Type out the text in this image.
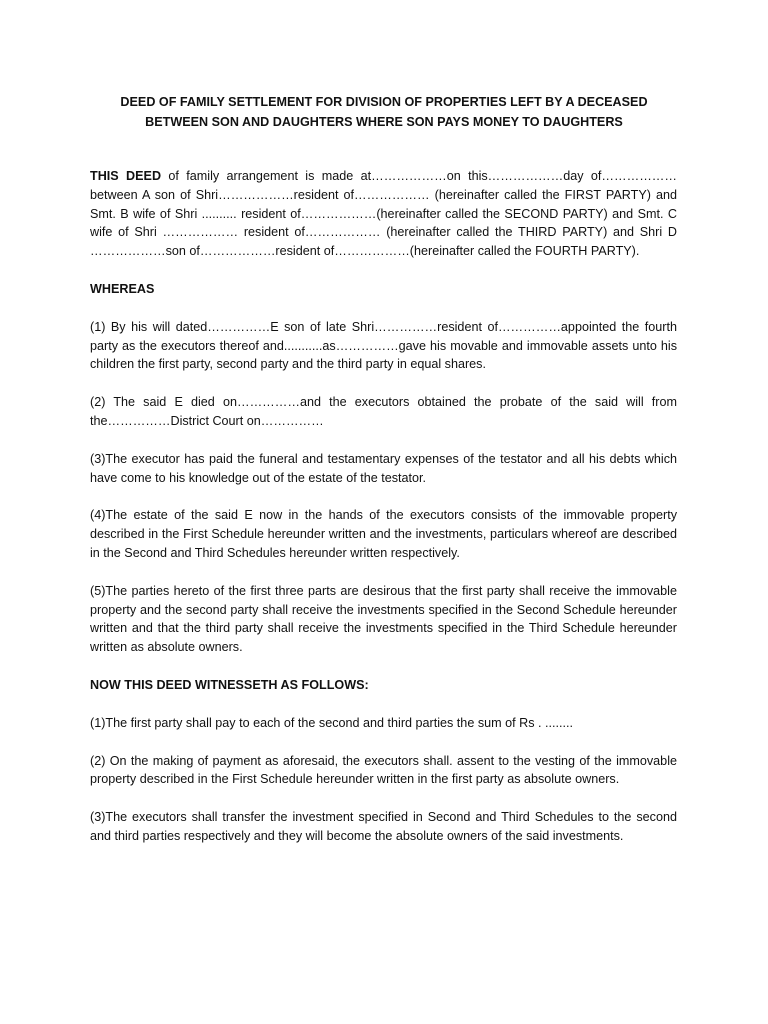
DEED OF FAMILY SETTLEMENT FOR DIVISION OF PROPERTIES LEFT BY A DECEASED
BETWEEN SON AND DAUGHTERS WHERE SON PAYS MONEY TO DAUGHTERS

THIS DEED of family arrangement is made at………………on this………………day of………………between A son of Shri………………resident of……………… (hereinafter called the FIRST PARTY) and Smt. B wife of Shri .......... resident of………………(hereinafter called the SECOND PARTY) and Smt. C wife of Shri ……………… resident of……………… (hereinafter called the THIRD PARTY) and Shri D ………………son of………………resident of………………(hereinafter called the FOURTH PARTY).

WHEREAS

(1) By his will dated……………E son of late Shri……………resident of……………appointed the fourth party as the executors thereof and...........as……………gave his movable and immovable assets unto his children the first party, second party and the third party in equal shares.

(2) The said E died on……………and the executors obtained the probate of the said will from the……………District Court on……………

(3)The executor has paid the funeral and testamentary expenses of the testator and all his debts which have come to his knowledge out of the estate of the testator.

(4)The estate of the said E now in the hands of the executors consists of the immovable property described in the First Schedule hereunder written and the investments, particulars whereof are described in the Second and Third Schedules hereunder written respectively.

(5)The parties hereto of the first three parts are desirous that the first party shall receive the immovable property and the second party shall receive the investments specified in the Second Schedule hereunder written and that the third party shall receive the investments specified in the Third Schedule hereunder written as absolute owners.

NOW THIS DEED WITNESSETH AS FOLLOWS:

(1)The first party shall pay to each of the second and third parties the sum of Rs . ........

(2) On the making of payment as aforesaid, the executors shall. assent to the vesting of the immovable property described in the First Schedule hereunder written in the first party as absolute owners.

(3)The executors shall transfer the investment specified in Second and Third Schedules to the second and third parties respectively and they will become the absolute owners of the said investments.
